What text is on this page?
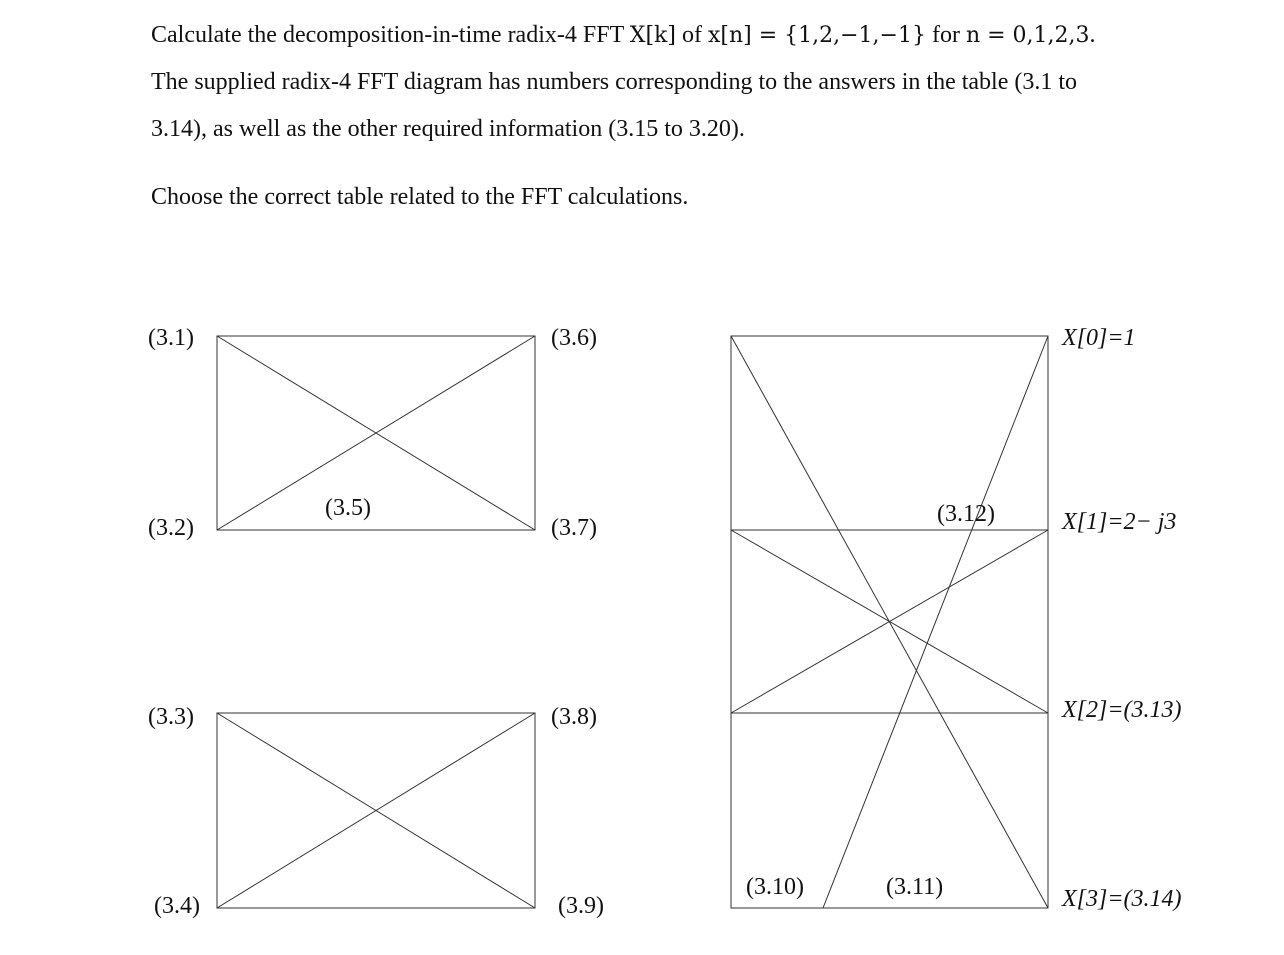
Calculate the decomposition-in-time radix-4 FFT X[k] of x[n] = {1,2,−1,−1} for n = 0,1,2,3.

The supplied radix-4 FFT diagram has numbers corresponding to the answers in the table (3.1 to

3.14), as well as the other required information (3.15 to 3.20).

Choose the correct table related to the FFT calculations.

(3.1)
(3.2)
(3.5)
(3.6)
(3.7)
(3.3)
(3.4)
(3.8)
(3.9)
(3.10)	(3.11)
(3.12)
X[0]=1
X[1]=2− j3
X[2]=(3.13)
X[3]=(3.14)
